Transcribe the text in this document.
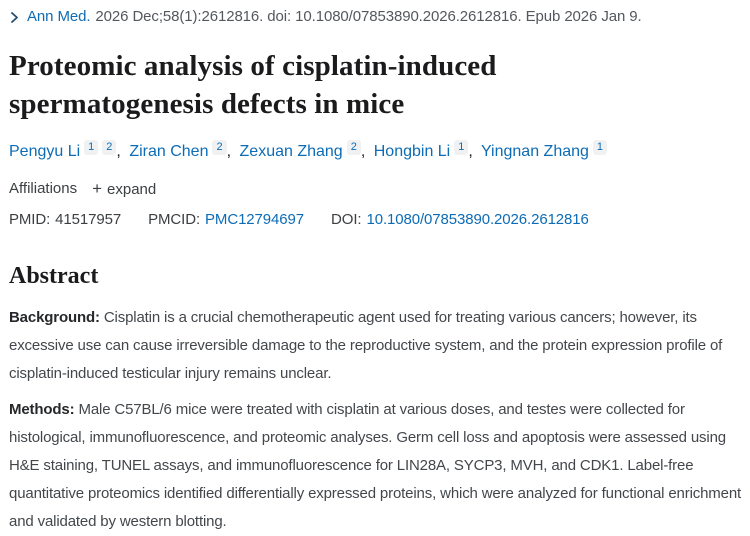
Ann Med. 2026 Dec;58(1):2612816. doi: 10.1080/07853890.2026.2612816. Epub 2026 Jan 9.
Proteomic analysis of cisplatin-induced spermatogenesis defects in mice
Pengyu Li 1 2 , Ziran Chen 2 , Zexuan Zhang 2 , Hongbin Li 1 , Yingnan Zhang 1
Affiliations + expand
PMID: 41517957 PMCID: PMC12794697 DOI: 10.1080/07853890.2026.2612816
Abstract

Background: Cisplatin is a crucial chemotherapeutic agent used for treating various cancers; however, its excessive use can cause irreversible damage to the reproductive system, and the protein expression profile of cisplatin-induced testicular injury remains unclear.

Methods: Male C57BL/6 mice were treated with cisplatin at various doses, and testes were collected for histological, immunofluorescence, and proteomic analyses. Germ cell loss and apoptosis were assessed using H&E staining, TUNEL assays, and immunofluorescence for LIN28A, SYCP3, MVH, and CDK1. Label-free quantitative proteomics identified differentially expressed proteins, which were analyzed for functional enrichment and validated by western blotting.
